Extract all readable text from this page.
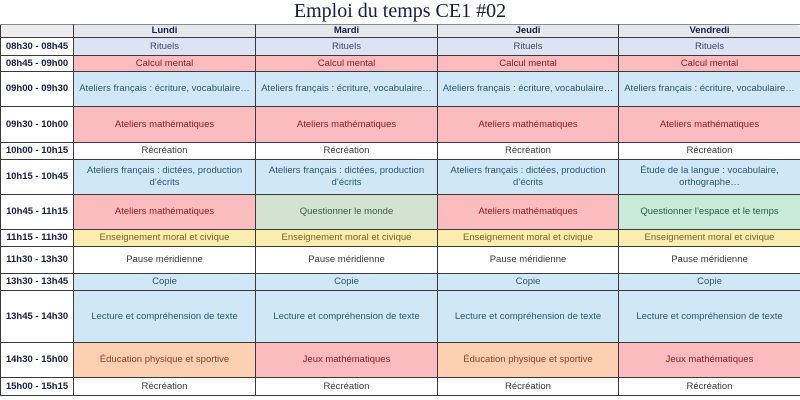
Emploi du temps CE1 #02
	Lundi	Mardi	Jeudi	Vendredi
08h30 - 08h45	Rituels	Rituels	Rituels	Rituels
08h45 - 09h00	Calcul mental	Calcul mental	Calcul mental	Calcul mental
09h00 - 09h30	Ateliers français : écriture, vocabulaire…	Ateliers français : écriture, vocabulaire…	Ateliers français : écriture, vocabulaire…	Ateliers français : écriture, vocabulaire…
09h30 - 10h00	Ateliers mathématiques	Ateliers mathématiques	Ateliers mathématiques	Ateliers mathématiques
10h00 - 10h15	Récréation	Récréation	Récréation	Récréation
10h15 - 10h45	Ateliers français : dictées, production d’écrits	Ateliers français : dictées, production d’écrits	Ateliers français : dictées, production d’écrits	Étude de la langue : vocabulaire, orthographe…
10h45 - 11h15	Ateliers mathématiques	Questionner le monde	Ateliers mathématiques	Questionner l’espace et le temps
11h15 - 11h30	Enseignement moral et civique	Enseignement moral et civique	Enseignement moral et civique	Enseignement moral et civique
11h30 - 13h30	Pause méridienne	Pause méridienne	Pause méridienne	Pause méridienne
13h30 - 13h45	Copie	Copie	Copie	Copie
13h45 - 14h30	Lecture et compréhension de texte	Lecture et compréhension de texte	Lecture et compréhension de texte	Lecture et compréhension de texte
14h30 - 15h00	Éducation physique et sportive	Jeux mathématiques	Éducation physique et sportive	Jeux mathématiques
15h00 - 15h15	Récréation	Récréation	Récréation	Récréation
